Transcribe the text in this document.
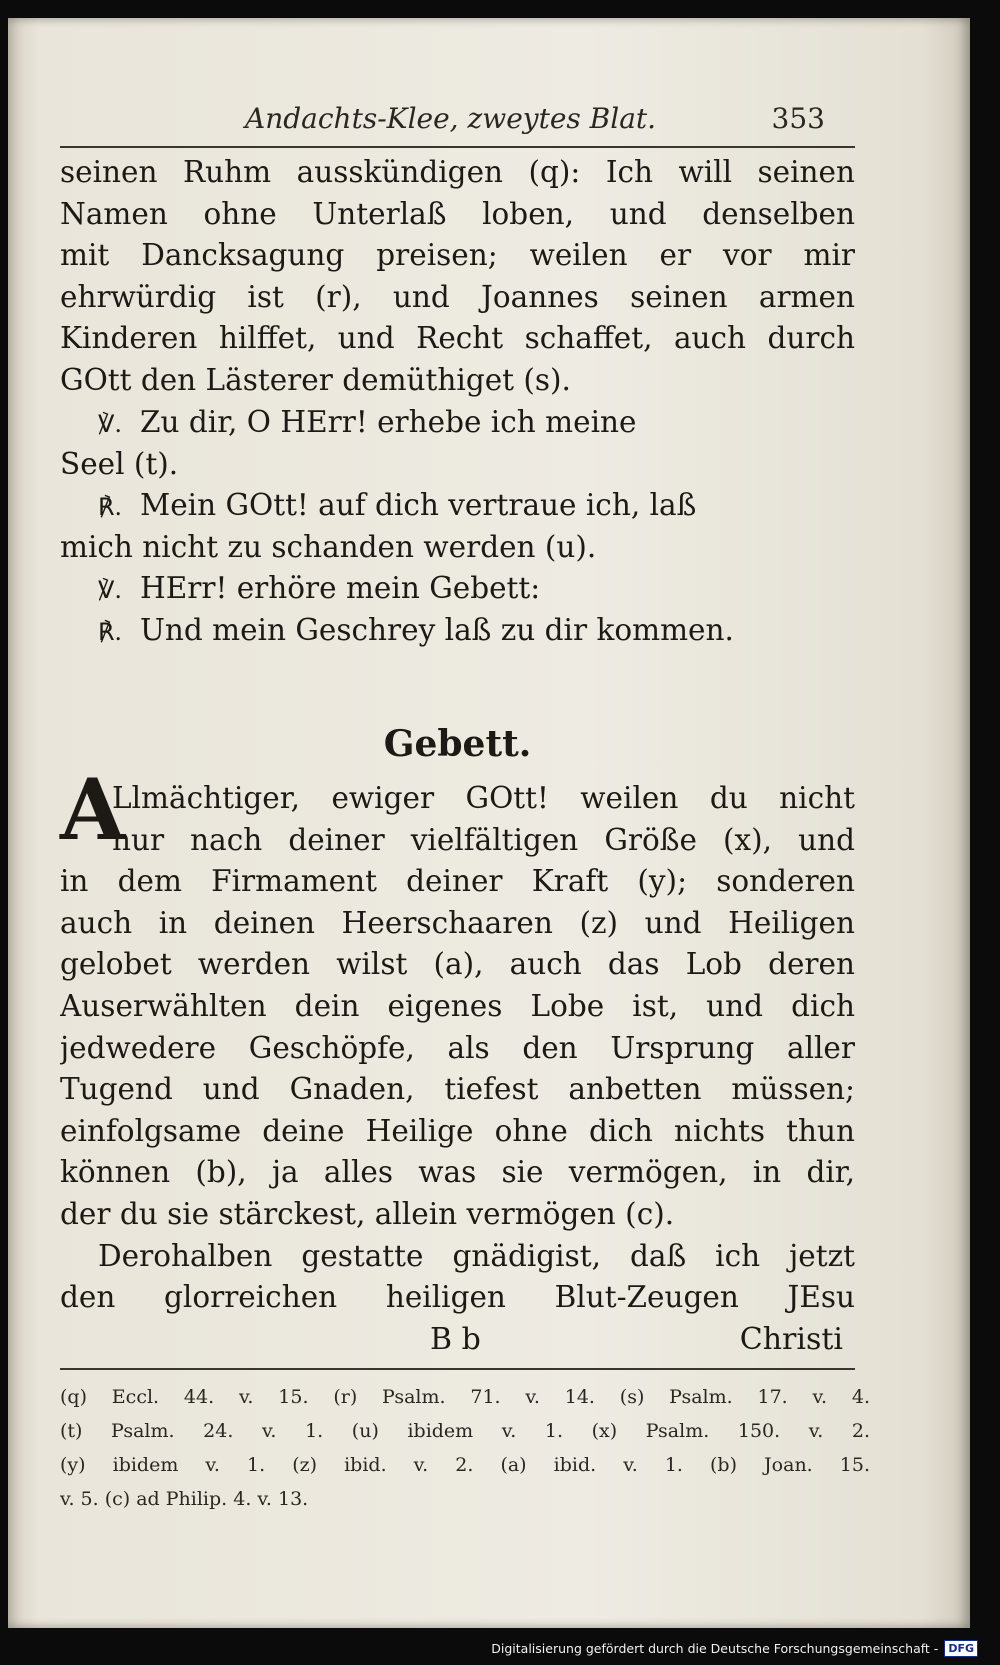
Andachts-Klee, zweytes Blat.	353
seinen Ruhm ausskündigen (q): Ich will seinen
Namen ohne Unterlaß loben, und denselben
mit Dancksagung preisen; weilen er vor mir
ehrwürdig ist (r), und Joannes seinen armen
Kinderen hilffet, und Recht schaffet, auch durch
GOtt den Lästerer demüthiget (s).
℣. Zu dir, O HErr! erhebe ich meine
Seel (t).
℟. Mein GOtt! auf dich vertraue ich, laß
mich nicht zu schanden werden (u).
℣. HErr! erhöre mein Gebett:
℟. Und mein Geschrey laß zu dir kommen.
Gebett.
A
Llmächtiger, ewiger GOtt! weilen du nicht
nur nach deiner vielfältigen Größe (x), und
in dem Firmament deiner Kraft (y); sonderen
auch in deinen Heerschaaren (z) und Heiligen
gelobet werden wilst (a), auch das Lob deren
Auserwählten dein eigenes Lobe ist, und dich
jedwedere Geschöpfe, als den Ursprung aller
Tugend und Gnaden, tiefest anbetten müssen;
einfolgsame deine Heilige ohne dich nichts thun
können (b), ja alles was sie vermögen, in dir,
der du sie stärckest, allein vermögen (c).
Derohalben gestatte gnädigist, daß ich jetzt
den glorreichen heiligen Blut-Zeugen JEsu
B b	Christi
(q) Eccl. 44. v. 15. (r) Psalm. 71. v. 14. (s) Psalm. 17. v. 4.
(t) Psalm. 24. v. 1. (u) ibidem v. 1. (x) Psalm. 150. v. 2.
(y) ibidem v. 1. (z) ibid. v. 2. (a) ibid. v. 1. (b) Joan. 15.
v. 5. (c) ad Philip. 4. v. 13.
Digitalisierung gefördert durch die Deutsche Forschungsgemeinschaft - DFG
